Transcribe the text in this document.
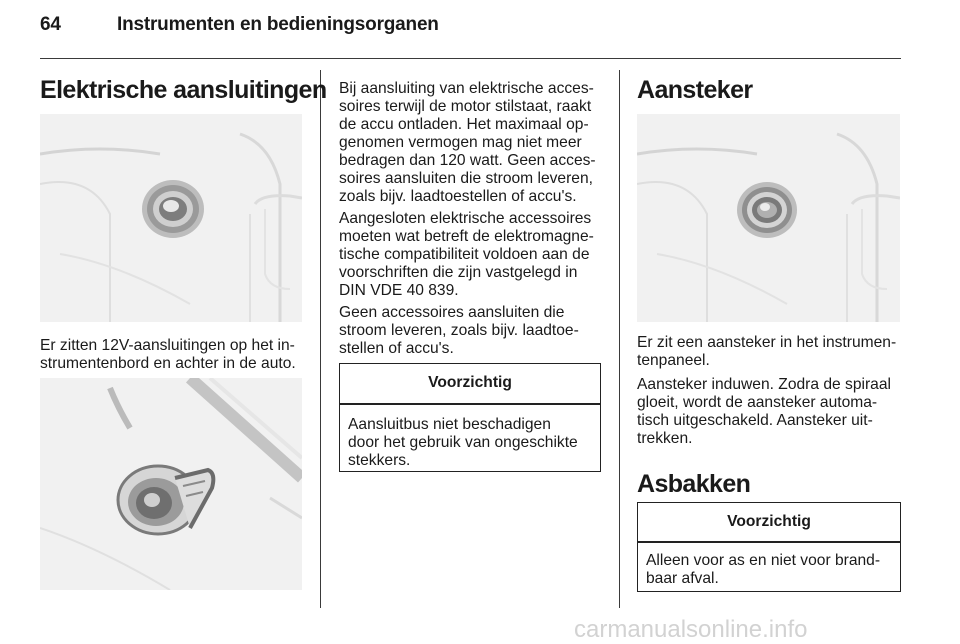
64	Instrumenten en bedieningsorganen
Elektrische aansluitingen
Er zitten 12V-aansluitingen op het in-
strumentenbord en achter in de auto.
Bij aansluiting van elektrische acces-
soires terwijl de motor stilstaat, raakt
de accu ontladen. Het maximaal op-
genomen vermogen mag niet meer
bedragen dan 120 watt. Geen acces-
soires aansluiten die stroom leveren,
zoals bijv. laadtoestellen of accu's.
Aangesloten elektrische accessoires
moeten wat betreft de elektromagne-
tische compatibiliteit voldoen aan de
voorschriften die zijn vastgelegd in
DIN VDE 40 839.
Geen accessoires aansluiten die
stroom leveren, zoals bijv. laadtoe-
stellen of accu's.
Voorzichtig
Aansluitbus niet beschadigen
door het gebruik van ongeschikte
stekkers.
Aansteker
Er zit een aansteker in het instrumen-
tenpaneel.
Aansteker induwen. Zodra de spiraal
gloeit, wordt de aansteker automa-
tisch uitgeschakeld. Aansteker uit-
trekken.
Asbakken
Voorzichtig
Alleen voor as en niet voor brand-
baar afval.
carmanualsonline.info
